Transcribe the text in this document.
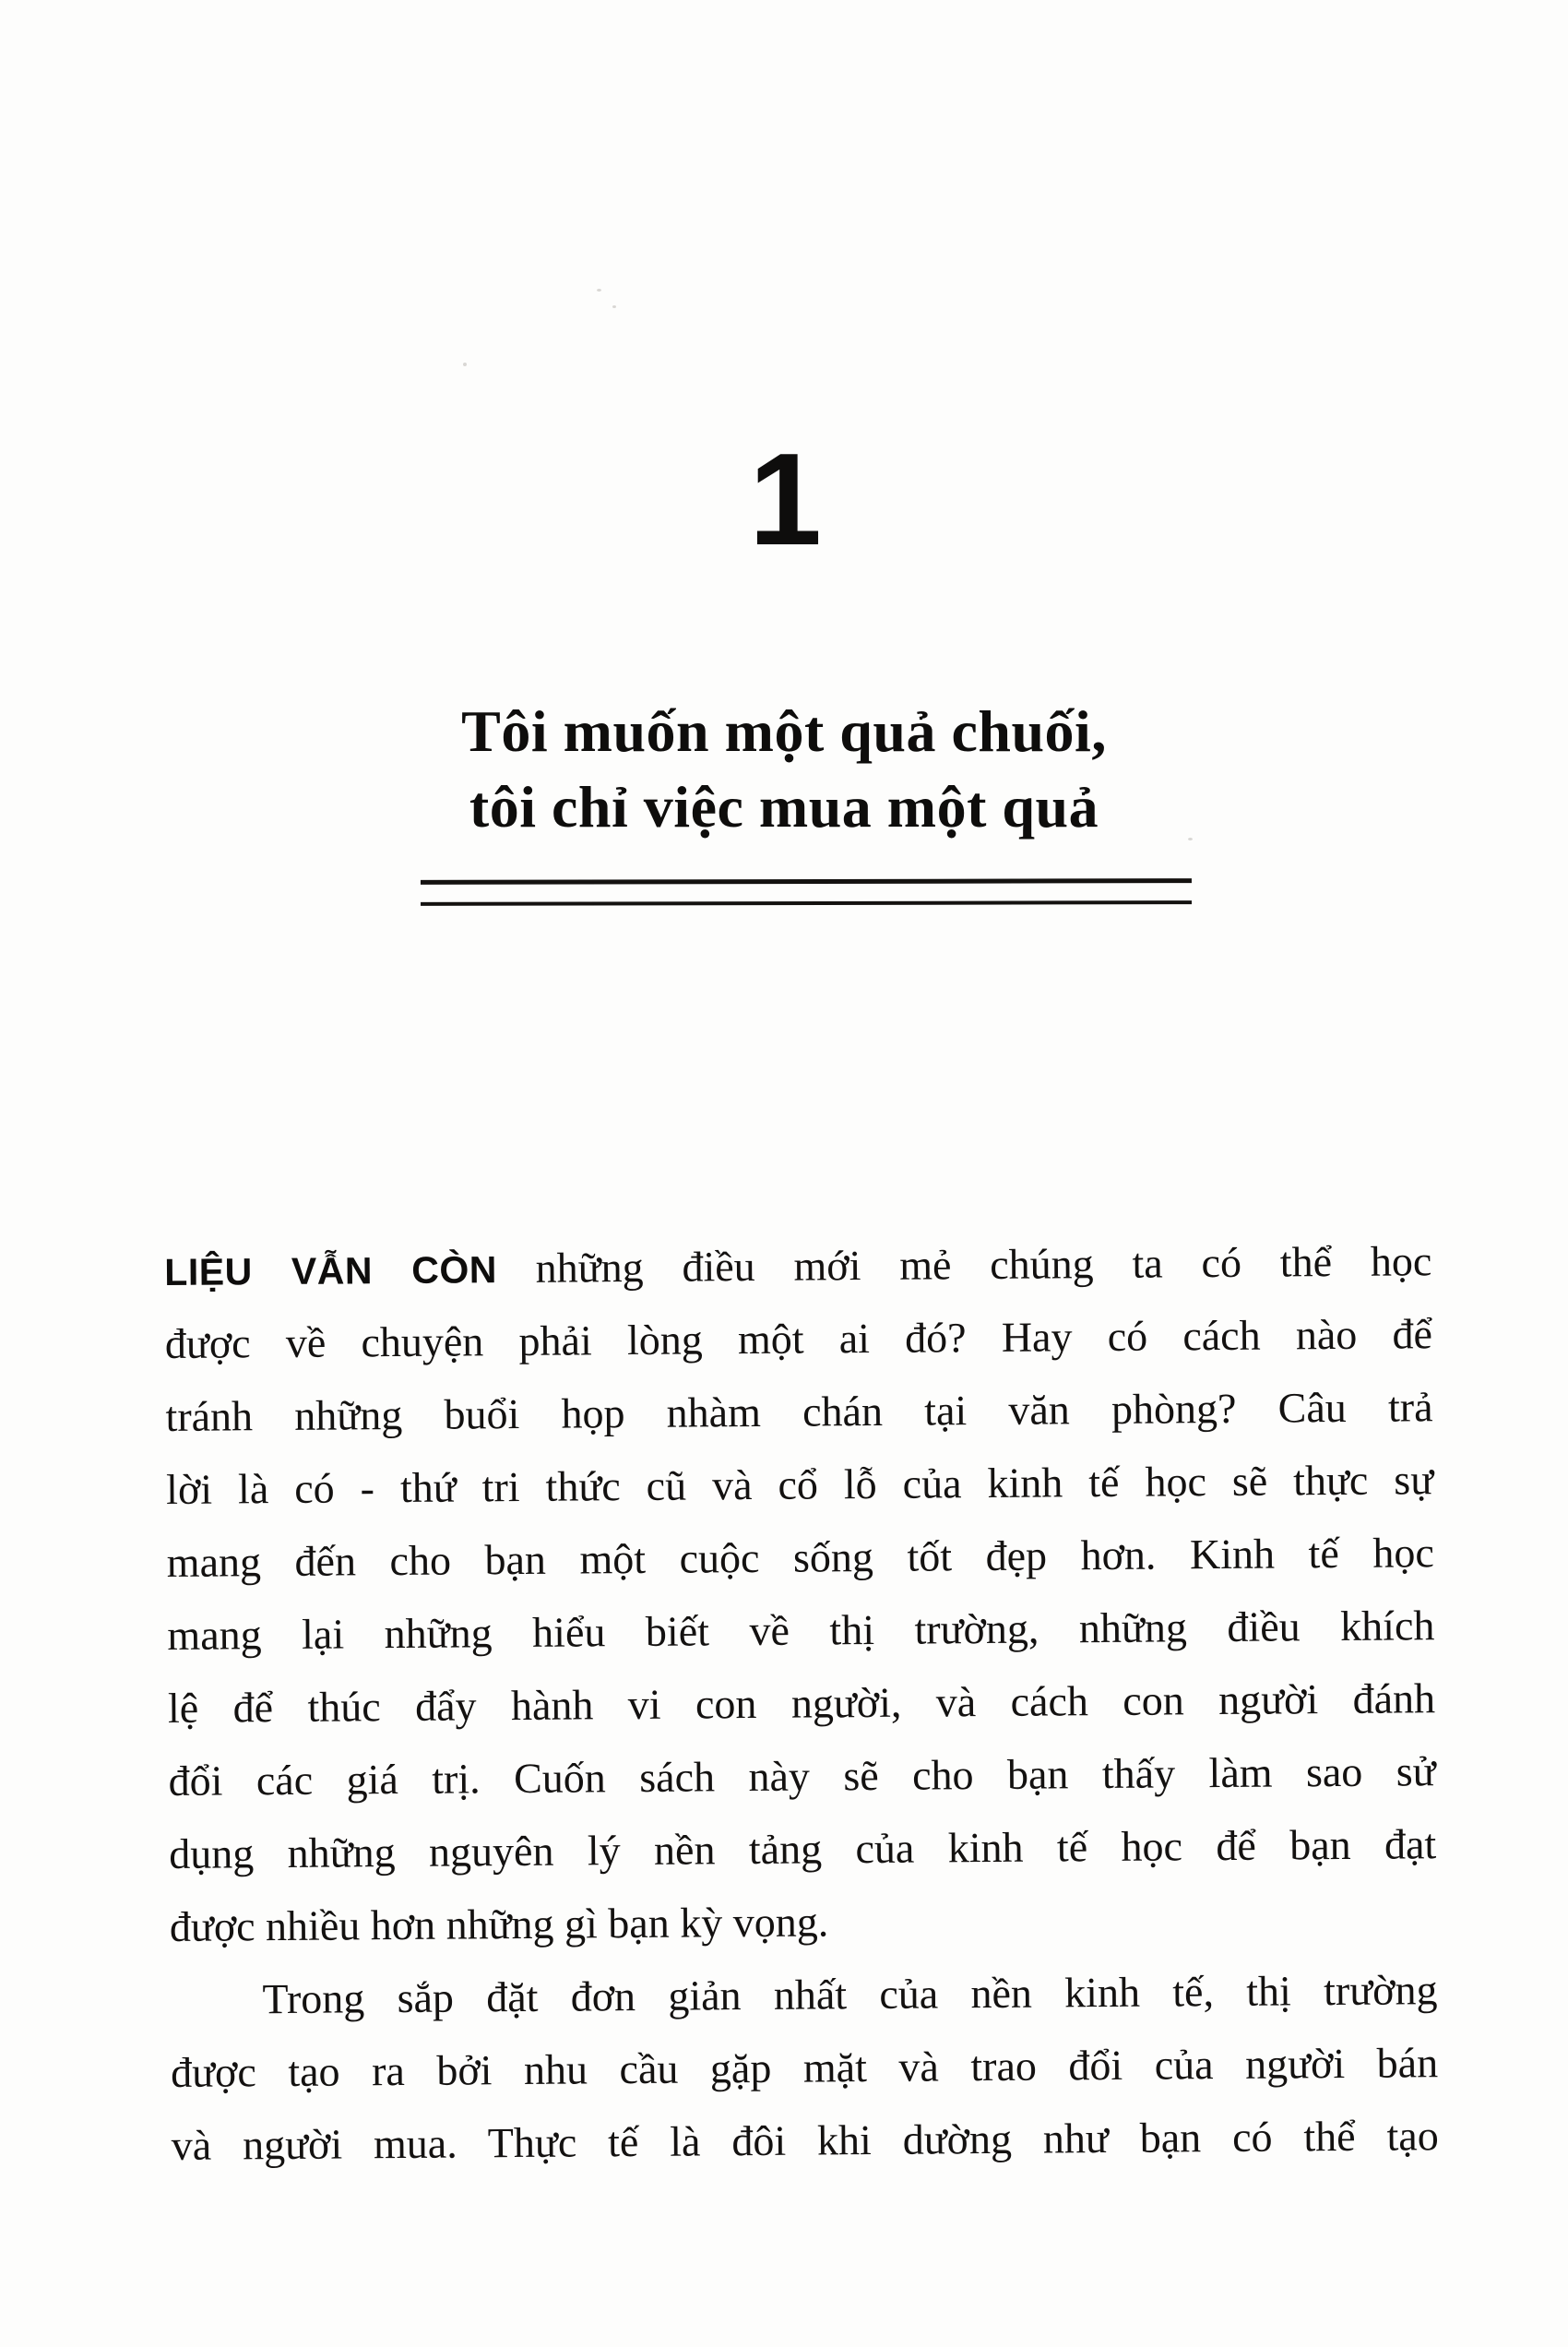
1
Tôi muốn một quả chuối,
tôi chỉ việc mua một quả
LIỆU VẪN CÒN những điều mới mẻ chúng ta có thể học
được về chuyện phải lòng một ai đó? Hay có cách nào để
tránh những buổi họp nhàm chán tại văn phòng? Câu trả
lời là có - thứ tri thức cũ và cổ lỗ của kinh tế học sẽ thực sự
mang đến cho bạn một cuộc sống tốt đẹp hơn. Kinh tế học
mang lại những hiểu biết về thị trường, những điều khích
lệ để thúc đẩy hành vi con người, và cách con người đánh
đổi các giá trị. Cuốn sách này sẽ cho bạn thấy làm sao sử
dụng những nguyên lý nền tảng của kinh tế học để bạn đạt
được nhiều hơn những gì bạn kỳ vọng.
Trong sắp đặt đơn giản nhất của nền kinh tế, thị trường
được tạo ra bởi nhu cầu gặp mặt và trao đổi của người bán
và người mua. Thực tế là đôi khi dường như bạn có thể tạo
